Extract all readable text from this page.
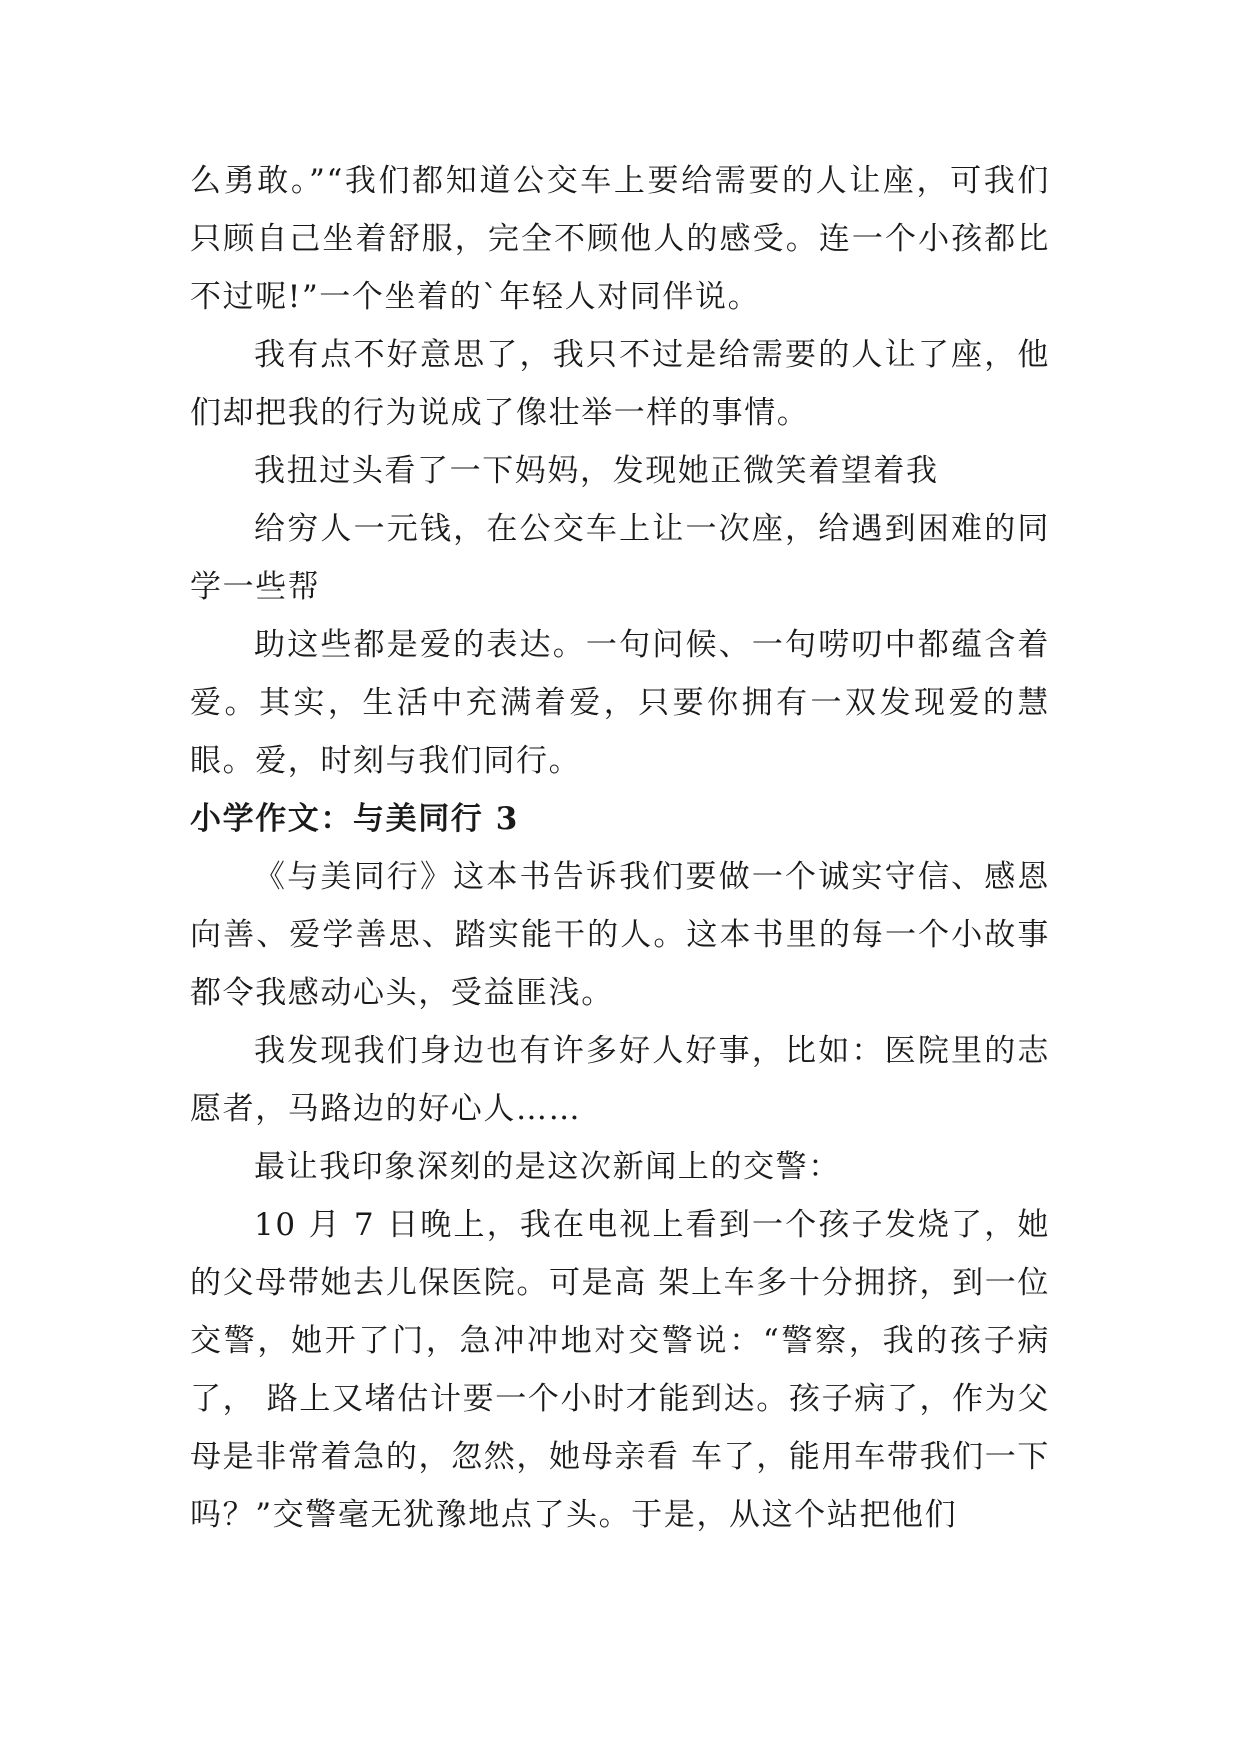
么勇敢。”“我们都知道公交车上要给需要的人让座，可我们只顾自己坐着舒服，完全不顾他人的感受。连一个小孩都比不过呢!”一个坐着的`年轻人对同伴说。

我有点不好意思了，我只不过是给需要的人让了座，他们却把我的行为说成了像壮举一样的事情。

我扭过头看了一下妈妈，发现她正微笑着望着我

给穷人一元钱，在公交车上让一次座，给遇到困难的同学一些帮

助这些都是爱的表达。一句问候、一句唠叨中都蕴含着爱。其实，生活中充满着爱，只要你拥有一双发现爱的慧眼。爱，时刻与我们同行。

小学作文：与美同行 3

《与美同行》这本书告诉我们要做一个诚实守信、感恩向善、爱学善思、踏实能干的人。这本书里的每一个小故事都令我感动心头，受益匪浅。

我发现我们身边也有许多好人好事，比如：医院里的志愿者，马路边的好心人……

最让我印象深刻的是这次新闻上的交警：

10 月 7 日晚上，我在电视上看到一个孩子发烧了，她的父母带她去儿保医院。可是高 架上车多十分拥挤，到一位交警，她开了门，急冲冲地对交警说：“警察，我的孩子病了， 路上又堵估计要一个小时才能到达。孩子病了，作为父母是非常着急的，忽然，她母亲看 车了，能用车带我们一下吗？”交警毫无犹豫地点了头。于是，从这个站把他们
